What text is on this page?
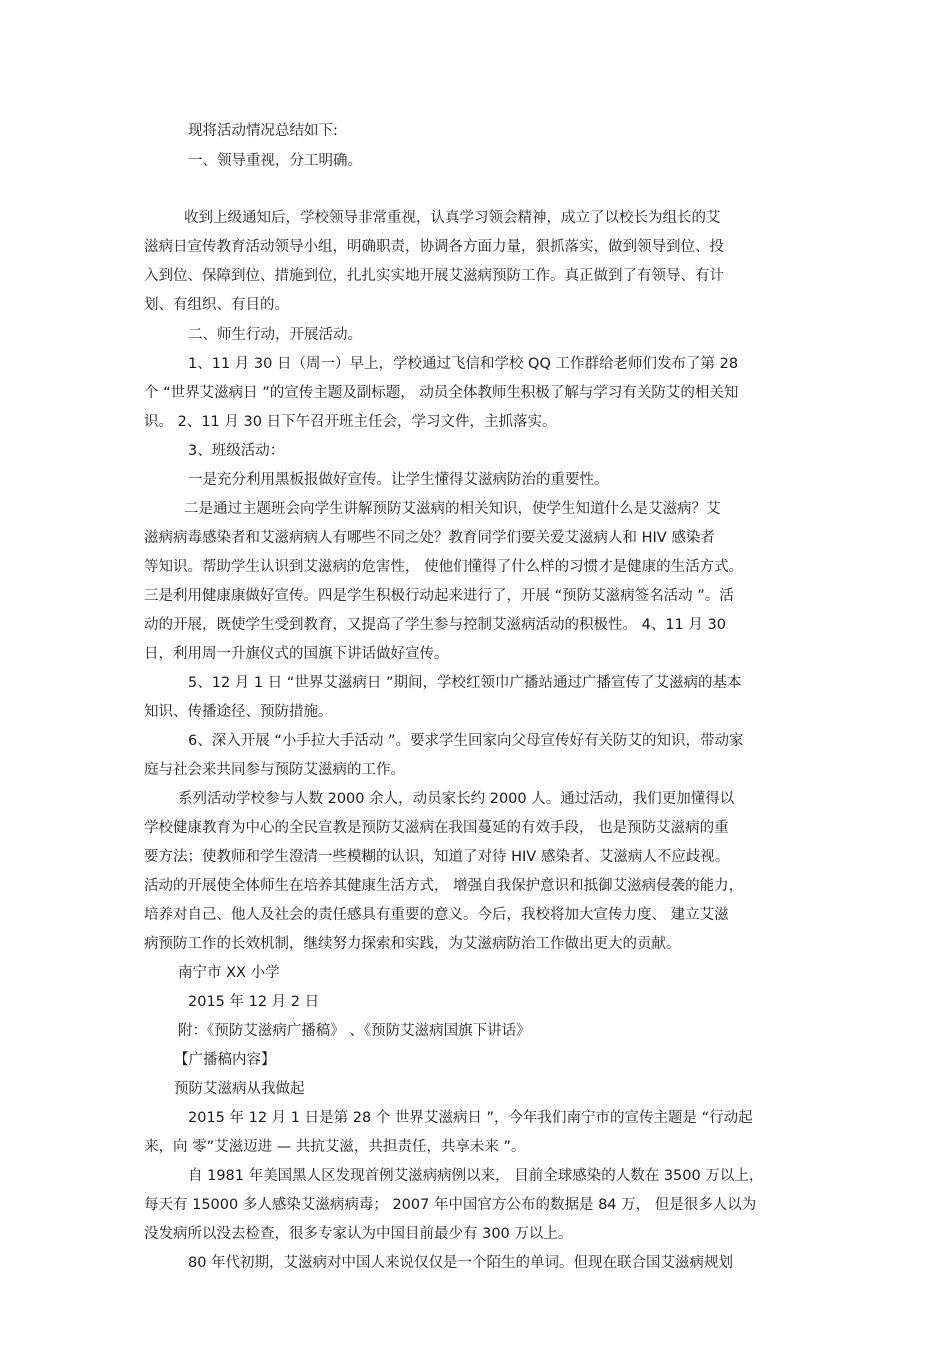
现将活动情况总结如下:
一、领导重视，分工明确。
收到上级通知后，学校领导非常重视，认真学习领会精神，成立了以校长为组长的艾
滋病日宣传教育活动领导小组，明确职责，协调各方面力量，狠抓落实，做到领导到位、投
入到位、保障到位、措施到位，扎扎实实地开展艾滋病预防工作。真正做到了有领导、有计
划、有组织、有目的。
二、师生行动，开展活动。
1、11 月 30 日（周一）早上，学校通过飞信和学校 QQ 工作群给老师们发布了第 28
个 “世界艾滋病日 ”的宣传主题及副标题， 动员全体教师生积极了解与学习有关防艾的相关知
识。 2、11 月 30 日下午召开班主任会，学习文件，主抓落实。
3、班级活动：
一是充分利用黑板报做好宣传。让学生懂得艾滋病防治的重要性。
二是通过主题班会向学生讲解预防艾滋病的相关知识，使学生知道什么是艾滋病？艾
滋病病毒感染者和艾滋病病人有哪些不同之处？教育同学们要关爱艾滋病人和 HIV 感染者
等知识。帮助学生认识到艾滋病的危害性， 使他们懂得了什么样的习惯才是健康的生活方式。
三是利用健康康做好宣传。四是学生积极行动起来进行了，开展 “预防艾滋病签名活动 ”。活
动的开展，既使学生受到教育，又提高了学生参与控制艾滋病活动的积极性。 4、11 月 30
日，利用周一升旗仪式的国旗下讲话做好宣传。
5、12 月 1 日 “世界艾滋病日 ”期间，学校红领巾广播站通过广播宣传了艾滋病的基本
知识、传播途径、预防措施。
6、深入开展 “小手拉大手活动 ”。要求学生回家向父母宣传好有关防艾的知识，带动家
庭与社会来共同参与预防艾滋病的工作。
系列活动学校参与人数 2000 余人，动员家长约 2000 人。通过活动，我们更加懂得以
学校健康教育为中心的全民宣教是预防艾滋病在我国蔓延的有效手段， 也是预防艾滋病的重
要方法；使教师和学生澄清一些模糊的认识，知道了对待 HIV 感染者、艾滋病人不应歧视。
活动的开展使全体师生在培养其健康生活方式， 增强自我保护意识和抵御艾滋病侵袭的能力，
培养对自己、他人及社会的责任感具有重要的意义。今后，我校将加大宣传力度、 建立艾滋
病预防工作的长效机制，继续努力探索和实践，为艾滋病防治工作做出更大的贡献。
南宁市 XX 小学
2015 年 12 月 2 日
附：《预防艾滋病广播稿》 、《预防艾滋病国旗下讲话》
【广播稿内容】
预防艾滋病从我做起
2015 年 12 月 1 日是第 28 个 世界艾滋病日 ”，今年我们南宁市的宣传主题是 “行动起
来，向 零”艾滋迈进 — 共抗艾滋，共担责任，共享未来 ”。
自 1981 年美国黑人区发现首例艾滋病病例以来， 目前全球感染的人数在 3500 万以上，
每天有 15000 多人感染艾滋病病毒； 2007 年中国官方公布的数据是 84 万， 但是很多人以为
没发病所以没去检查，很多专家认为中国目前最少有 300 万以上。
80 年代初期，艾滋病对中国人来说仅仅是一个陌生的单词。但现在联合国艾滋病规划
